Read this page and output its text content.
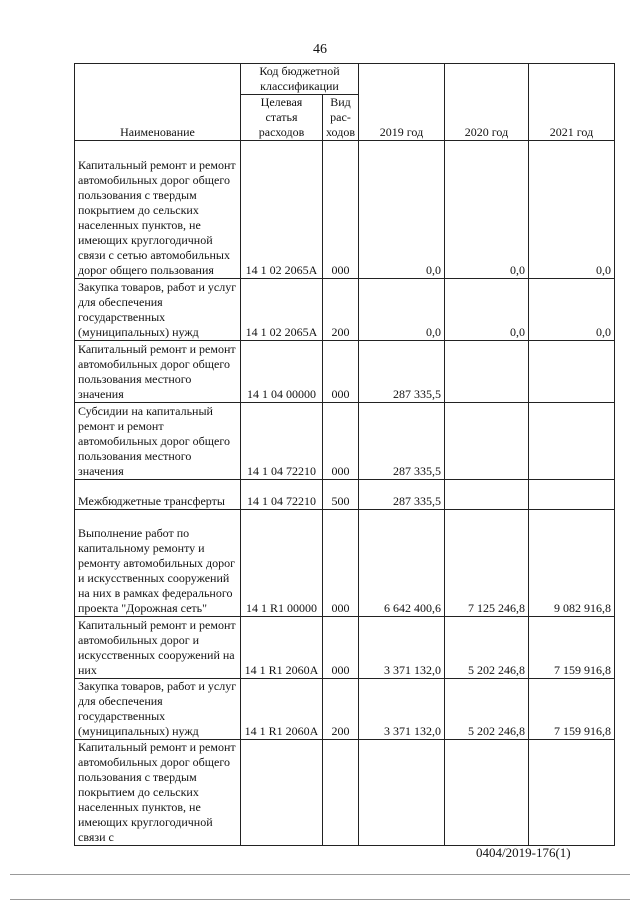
46
Наименование	Код бюджетной классификации		2019 год	2020 год	2021 год
	Целевая статья расходов	Вид рас-ходов			
Капитальный ремонт и ремонт автомобильных дорог общего пользования с твердым покрытием до сельских населенных пунктов, не имеющих круглогодичной связи с сетью автомобильных дорог общего пользования	14 1 02 2065A	000	0,0	0,0	0,0
Закупка товаров, работ и услуг для обеспечения государственных (муниципальных) нужд	14 1 02 2065A	200	0,0	0,0	0,0
Капитальный ремонт и ремонт автомобильных дорог общего пользования местного значения	14 1 04 00000	000	287 335,5		
Субсидии на капитальный ремонт и ремонт автомобильных дорог общего пользования местного значения	14 1 04 72210	000	287 335,5		
Межбюджетные трансферты	14 1 04 72210	500	287 335,5		
Выполнение работ по капитальному ремонту и ремонту автомобильных дорог и искусственных сооружений на них в рамках федерального проекта "Дорожная сеть"	14 1 R1 00000	000	6 642 400,6	7 125 246,8	9 082 916,8
Капитальный ремонт и ремонт автомобильных дорог и искусственных сооружений на них	14 1 R1 2060A	000	3 371 132,0	5 202 246,8	7 159 916,8
Закупка товаров, работ и услуг для обеспечения государственных (муниципальных) нужд	14 1 R1 2060A	200	3 371 132,0	5 202 246,8	7 159 916,8
Капитальный ремонт и ремонт автомобильных дорог общего пользования с твердым покрытием до сельских населенных пунктов, не имеющих круглогодичной связи с					
0404/2019-176(1)
